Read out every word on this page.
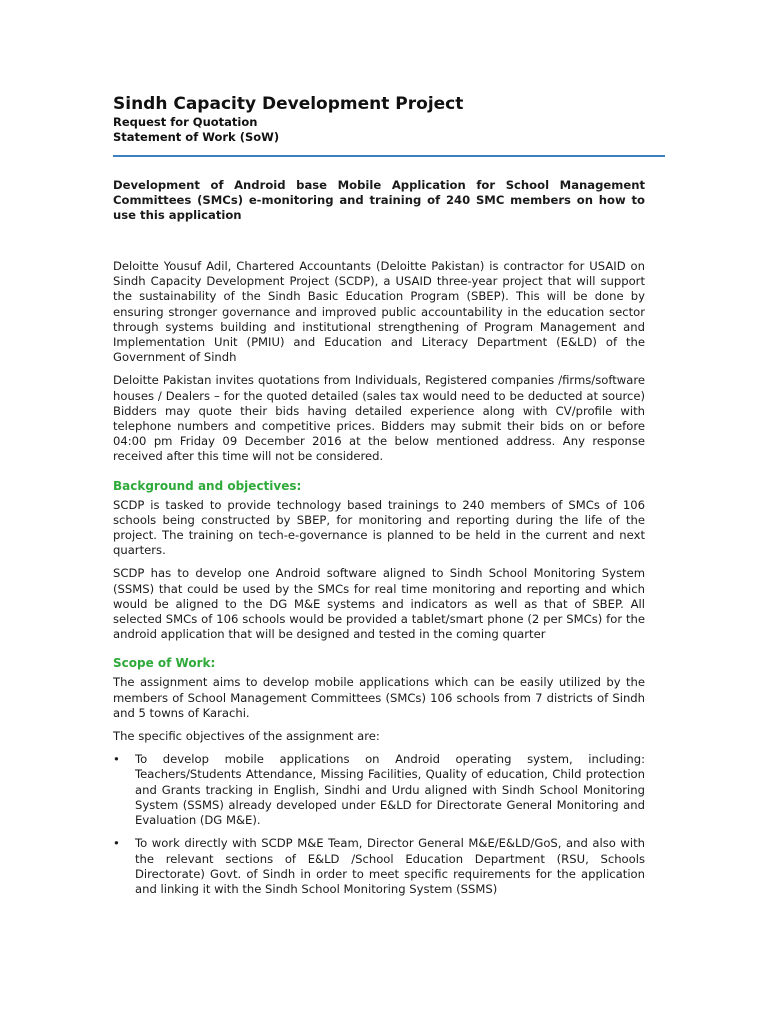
Sindh Capacity Development Project
Request for Quotation
Statement of Work (SoW)
Development of Android base Mobile Application for School Management Committees (SMCs) e-monitoring and training of 240 SMC members on how to use this application

Deloitte Yousuf Adil, Chartered Accountants (Deloitte Pakistan) is contractor for USAID on Sindh Capacity Development Project (SCDP), a USAID three-year project that will support the sustainability of the Sindh Basic Education Program (SBEP). This will be done by ensuring stronger governance and improved public accountability in the education sector through systems building and institutional strengthening of Program Management and Implementation Unit (PMIU) and Education and Literacy Department (E&LD) of the Government of Sindh

Deloitte Pakistan invites quotations from Individuals, Registered companies /firms/software houses / Dealers – for the quoted detailed (sales tax would need to be deducted at source) Bidders may quote their bids having detailed experience along with CV/profile with telephone numbers and competitive prices. Bidders may submit their bids on or before 04:00 pm Friday 09 December 2016 at the below mentioned address. Any response received after this time will not be considered.

Background and objectives:

SCDP is tasked to provide technology based trainings to 240 members of SMCs of 106 schools being constructed by SBEP, for monitoring and reporting during the life of the project. The training on tech-e-governance is planned to be held in the current and next quarters.

SCDP has to develop one Android software aligned to Sindh School Monitoring System (SSMS) that could be used by the SMCs for real time monitoring and reporting and which would be aligned to the DG M&E systems and indicators as well as that of SBEP. All selected SMCs of 106 schools would be provided a tablet/smart phone (2 per SMCs) for the android application that will be designed and tested in the coming quarter

Scope of Work:

The assignment aims to develop mobile applications which can be easily utilized by the members of School Management Committees (SMCs) 106 schools from 7 districts of Sindh and 5 towns of Karachi.

The specific objectives of the assignment are:

• To develop mobile applications on Android operating system, including: Teachers/Students Attendance, Missing Facilities, Quality of education, Child protection and Grants tracking in English, Sindhi and Urdu aligned with Sindh School Monitoring System (SSMS) already developed under E&LD for Directorate General Monitoring and Evaluation (DG M&E).
• To work directly with SCDP M&E Team, Director General M&E/E&LD/GoS, and also with the relevant sections of E&LD /School Education Department (RSU, Schools Directorate) Govt. of Sindh in order to meet specific requirements for the application and linking it with the Sindh School Monitoring System (SSMS)
